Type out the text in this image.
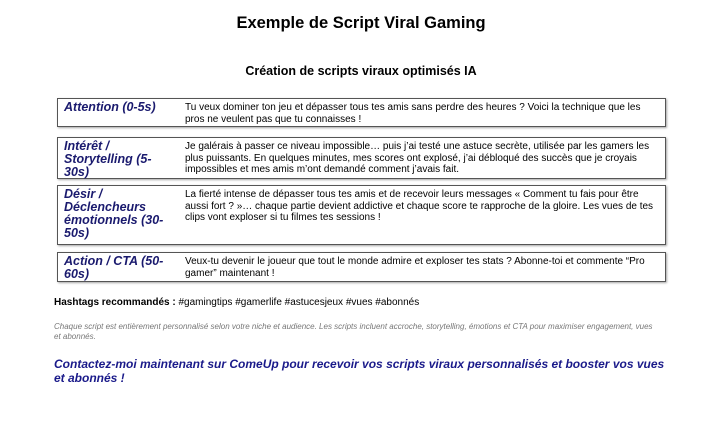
Exemple de Script Viral Gaming
Création de scripts viraux optimisés IA
Attention (0-5s)	Tu veux dominer ton jeu et dépasser tous tes amis sans perdre des heures ? Voici la technique que les pros ne veulent pas que tu connaisses !
Intérêt / Storytelling (5-30s)
Je galérais à passer ce niveau impossible… puis j’ai testé une astuce secrète, utilisée par les gamers les plus puissants. En quelques minutes, mes scores ont explosé, j’ai débloqué des succès que je croyais impossibles et mes amis m’ont demandé comment j’avais fait.
Désir / Déclencheurs émotionnels (30-50s)
La fierté intense de dépasser tous tes amis et de recevoir leurs messages « Comment tu fais pour être aussi fort ? »… chaque partie devient addictive et chaque score te rapproche de la gloire. Les vues de tes clips vont exploser si tu filmes tes sessions !
Action / CTA (50-60s)
Veux-tu devenir le joueur que tout le monde admire et exploser tes stats ? Abonne-toi et commente “Pro gamer” maintenant !
Hashtags recommandés : #gamingtips #gamerlife #astucesjeux #vues #abonnés
Chaque script est entièrement personnalisé selon votre niche et audience. Les scripts incluent accroche, storytelling, émotions et CTA pour maximiser engagement, vues et abonnés.
Contactez-moi maintenant sur ComeUp pour recevoir vos scripts viraux personnalisés et booster vos vues et abonnés !
